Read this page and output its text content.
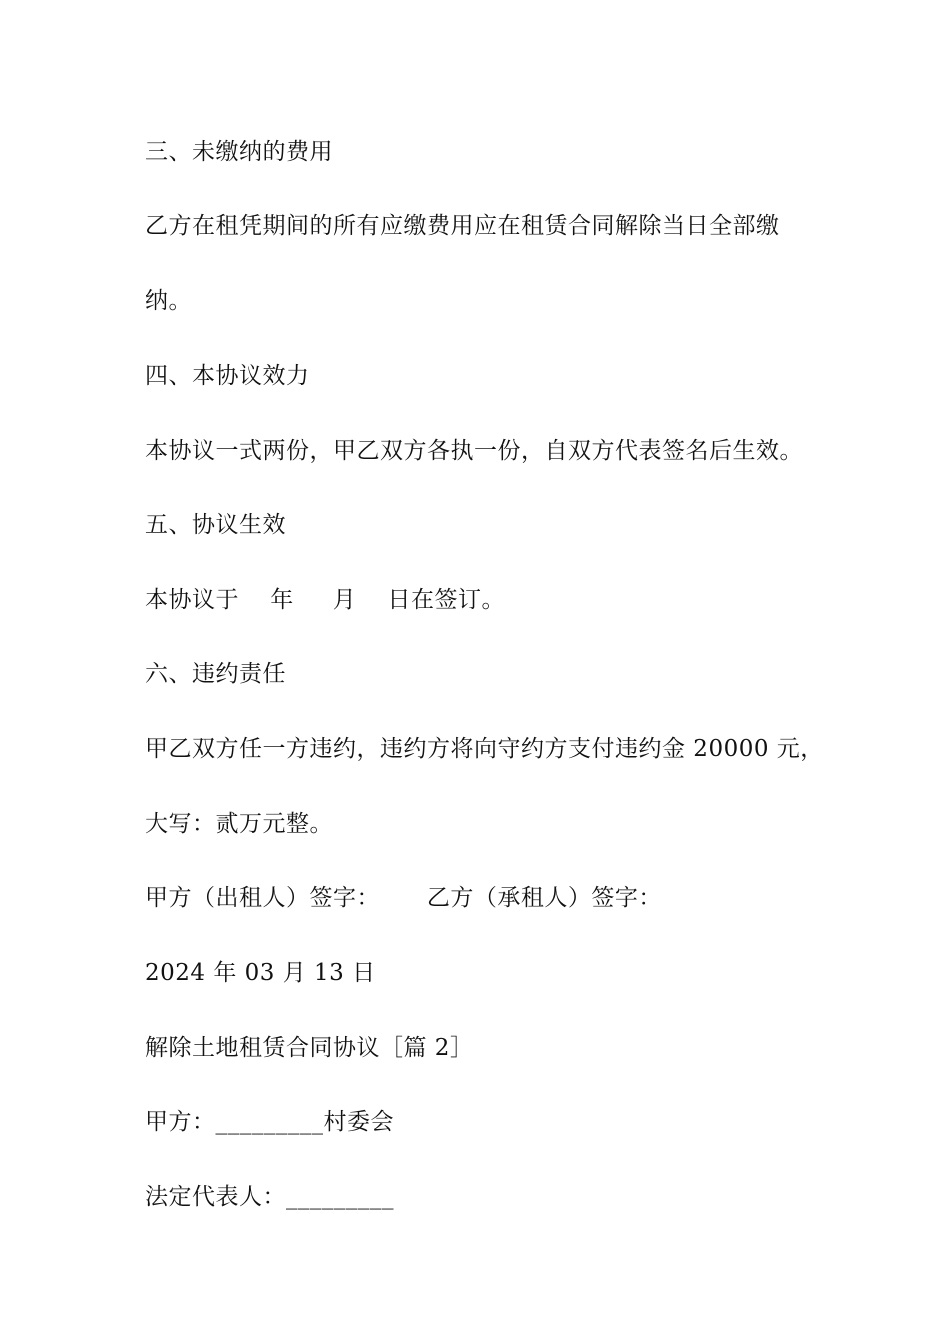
三、未缴纳的费用
乙方在租凭期间的所有应缴费用应在租赁合同解除当日全部缴
纳。
四、本协议效力
本协议一式两份，甲乙双方各执一份，自双方代表签名后生效。
五、协议生效
本协议于    年     月    日在签订。
六、违约责任
甲乙双方任一方违约，违约方将向守约方支付违约金 20000 元，
大写：贰万元整。
甲方（出租人）签字：      乙方（承租人）签字：
2024 年 03 月 13 日
解除土地租赁合同协议［篇 2］
甲方：_________村委会
法定代表人：_________
